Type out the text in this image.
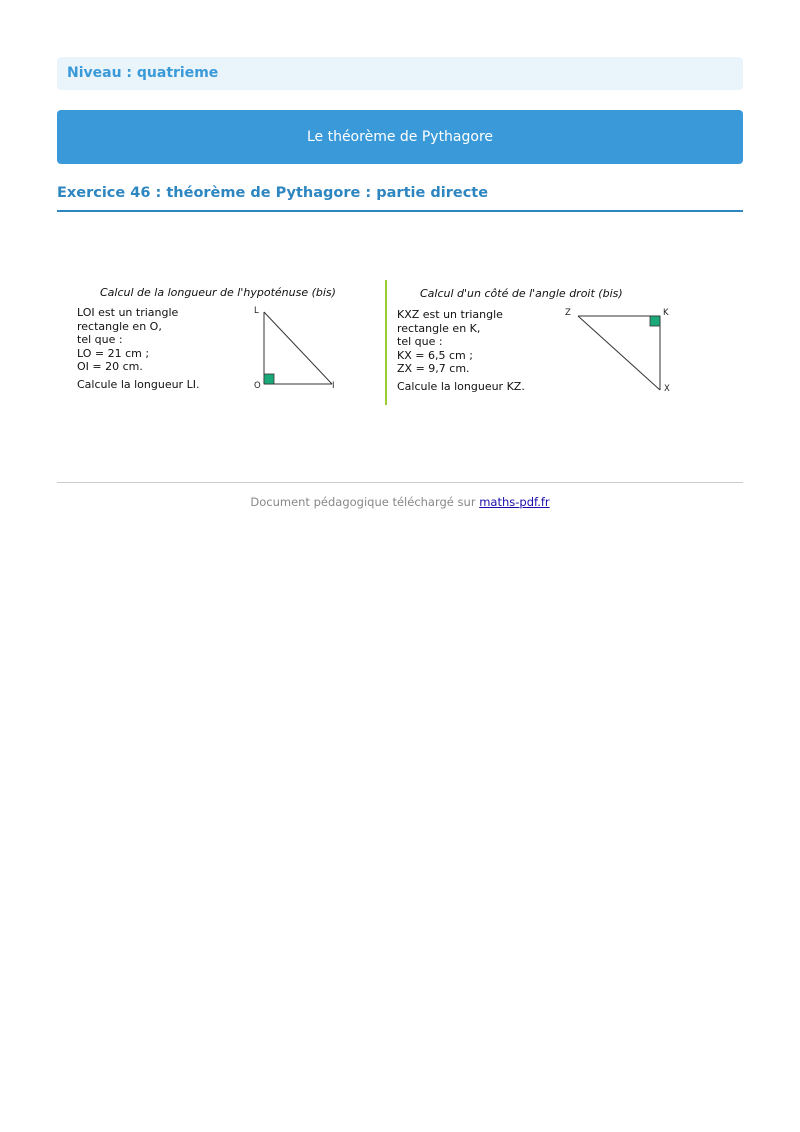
Niveau : quatrieme
Le théorème de Pythagore
Exercice 46 : théorème de Pythagore : partie directe
Calcul de la longueur de l'hypoténuse (bis)
LOI est un triangle
rectangle en O,
tel que :
LO = 21 cm ;
OI = 20 cm.
Calcule la longueur LI.
L
O	I
Calcul d'un côté de l'angle droit (bis)
KXZ est un triangle
rectangle en K,
tel que :
KX = 6,5 cm ;
ZX = 9,7 cm.
Calcule la longueur KZ.
Z	K
X
Document pédagogique téléchargé sur maths-pdf.fr
